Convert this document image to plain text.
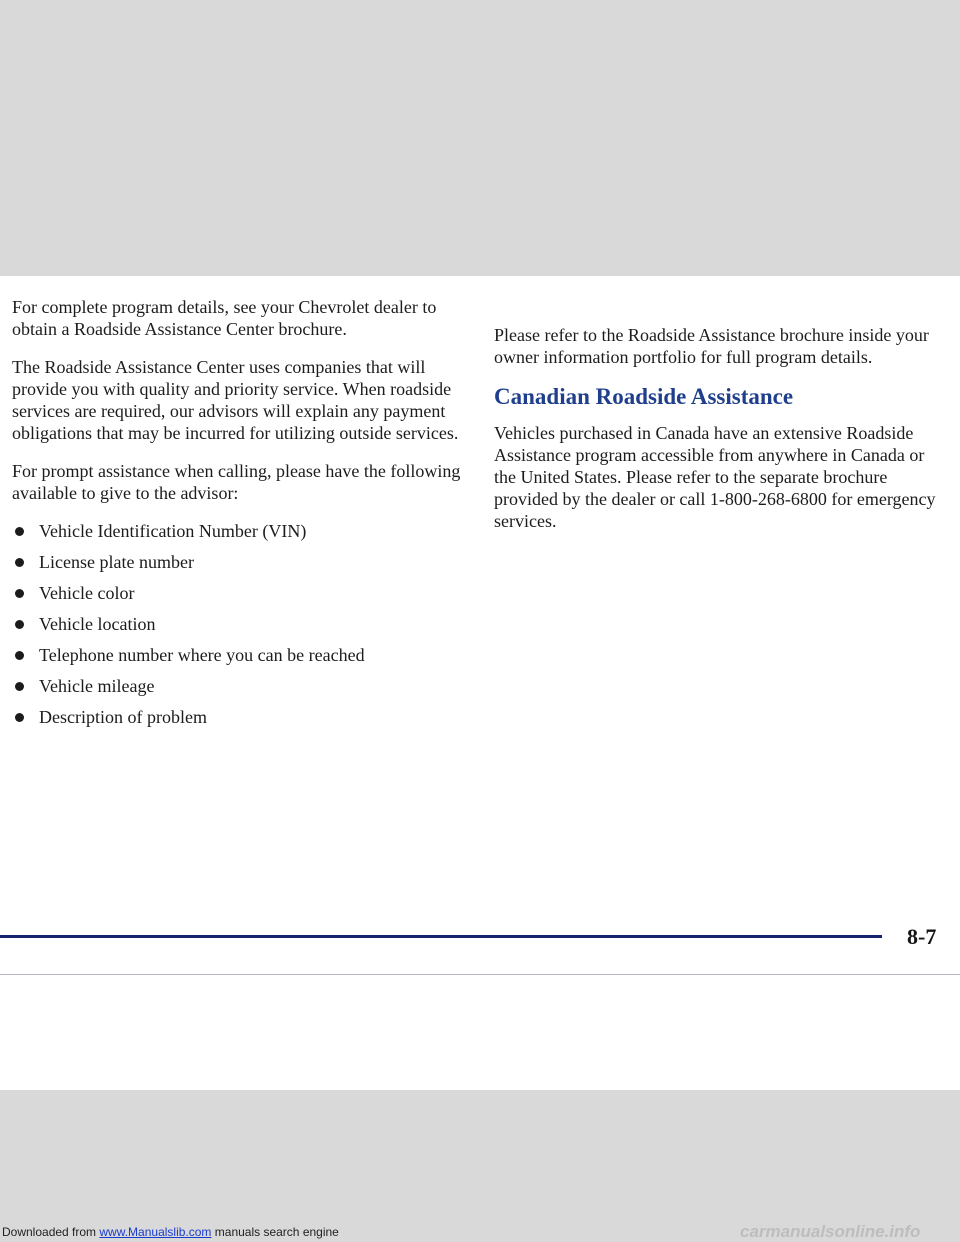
For complete program details, see your Chevrolet dealer to obtain a Roadside Assistance Center brochure.

The Roadside Assistance Center uses companies that will provide you with quality and priority service. When roadside services are required, our advisors will explain any payment obligations that may be incurred for utilizing outside services.

For prompt assistance when calling, please have the following available to give to the advisor:

Vehicle Identification Number (VIN)
License plate number
Vehicle color
Vehicle location
Telephone number where you can be reached
Vehicle mileage
Description of problem

Please refer to the Roadside Assistance brochure inside your owner information portfolio for full program details.

Canadian Roadside Assistance

Vehicles purchased in Canada have an extensive Roadside Assistance program accessible from anywhere in Canada or the United States. Please refer to the separate brochure provided by the dealer or call 1-800-268-6800 for emergency services.

8-7
Downloaded from www.Manualslib.com manuals search engine	carmanualsonline.info
